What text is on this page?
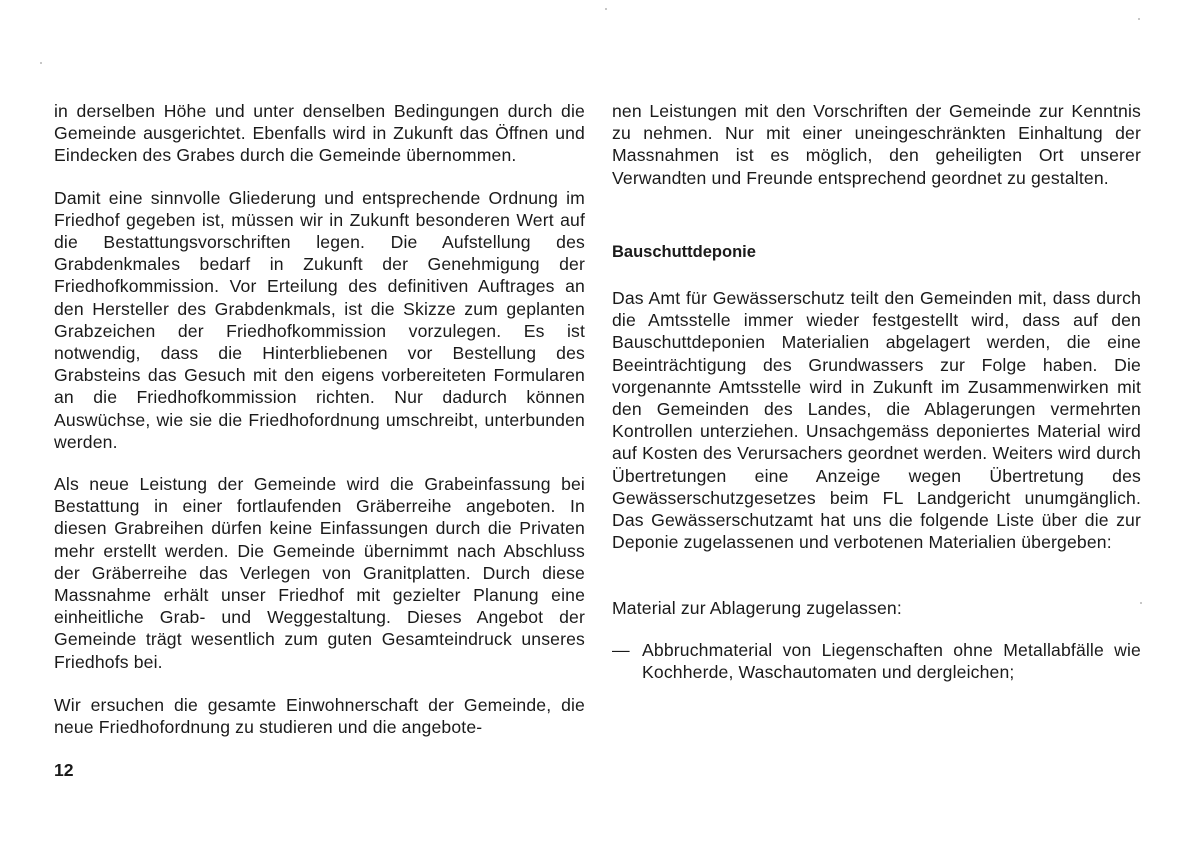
in derselben Höhe und unter denselben Bedingungen durch die Gemeinde ausgerichtet. Ebenfalls wird in Zukunft das Öffnen und Eindecken des Grabes durch die Gemeinde übernommen.

Damit eine sinnvolle Gliederung und entsprechende Ordnung im Friedhof gegeben ist, müssen wir in Zukunft besonderen Wert auf die Bestattungsvorschriften legen. Die Aufstellung des Grabdenkmales bedarf in Zukunft der Genehmigung der Friedhofkommission. Vor Erteilung des definitiven Auftrages an den Hersteller des Grabdenkmals, ist die Skizze zum geplanten Grabzeichen der Friedhofkommission vorzulegen. Es ist notwendig, dass die Hinterbliebenen vor Bestellung des Grabsteins das Gesuch mit den eigens vorbereiteten Formularen an die Friedhofkommission richten. Nur dadurch können Auswüchse, wie sie die Friedhofordnung umschreibt, unterbunden werden.

Als neue Leistung der Gemeinde wird die Grabeinfassung bei Bestattung in einer fortlaufenden Gräberreihe angeboten. In diesen Grabreihen dürfen keine Einfassungen durch die Privaten mehr erstellt werden. Die Gemeinde übernimmt nach Abschluss der Gräberreihe das Verlegen von Granitplatten. Durch diese Massnahme erhält unser Friedhof mit gezielter Planung eine einheitliche Grab- und Weggestaltung. Dieses Angebot der Gemeinde trägt wesentlich zum guten Gesamteindruck unseres Friedhofs bei.

Wir ersuchen die gesamte Einwohnerschaft der Gemeinde, die neue Friedhofordnung zu studieren und die angebote-

nen Leistungen mit den Vorschriften der Gemeinde zur Kenntnis zu nehmen. Nur mit einer uneingeschränkten Einhaltung der Massnahmen ist es möglich, den geheiligten Ort unserer Verwandten und Freunde entsprechend geordnet zu gestalten.

Bauschuttdeponie

Das Amt für Gewässerschutz teilt den Gemeinden mit, dass durch die Amtsstelle immer wieder festgestellt wird, dass auf den Bauschuttdeponien Materialien abgelagert werden, die eine Beeinträchtigung des Grundwassers zur Folge haben. Die vorgenannte Amtsstelle wird in Zukunft im Zusammenwirken mit den Gemeinden des Landes, die Ablagerungen vermehrten Kontrollen unterziehen. Unsachgemäss deponiertes Material wird auf Kosten des Verursachers geordnet werden. Weiters wird durch Übertretungen eine Anzeige wegen Übertretung des Gewässerschutzgesetzes beim FL Landgericht unumgänglich. Das Gewässerschutzamt hat uns die folgende Liste über die zur Deponie zugelassenen und verbotenen Materialien übergeben:

Material zur Ablagerung zugelassen:

— Abbruchmaterial von Liegenschaften ohne Metallabfälle wie Kochherde, Waschautomaten und dergleichen;
12
